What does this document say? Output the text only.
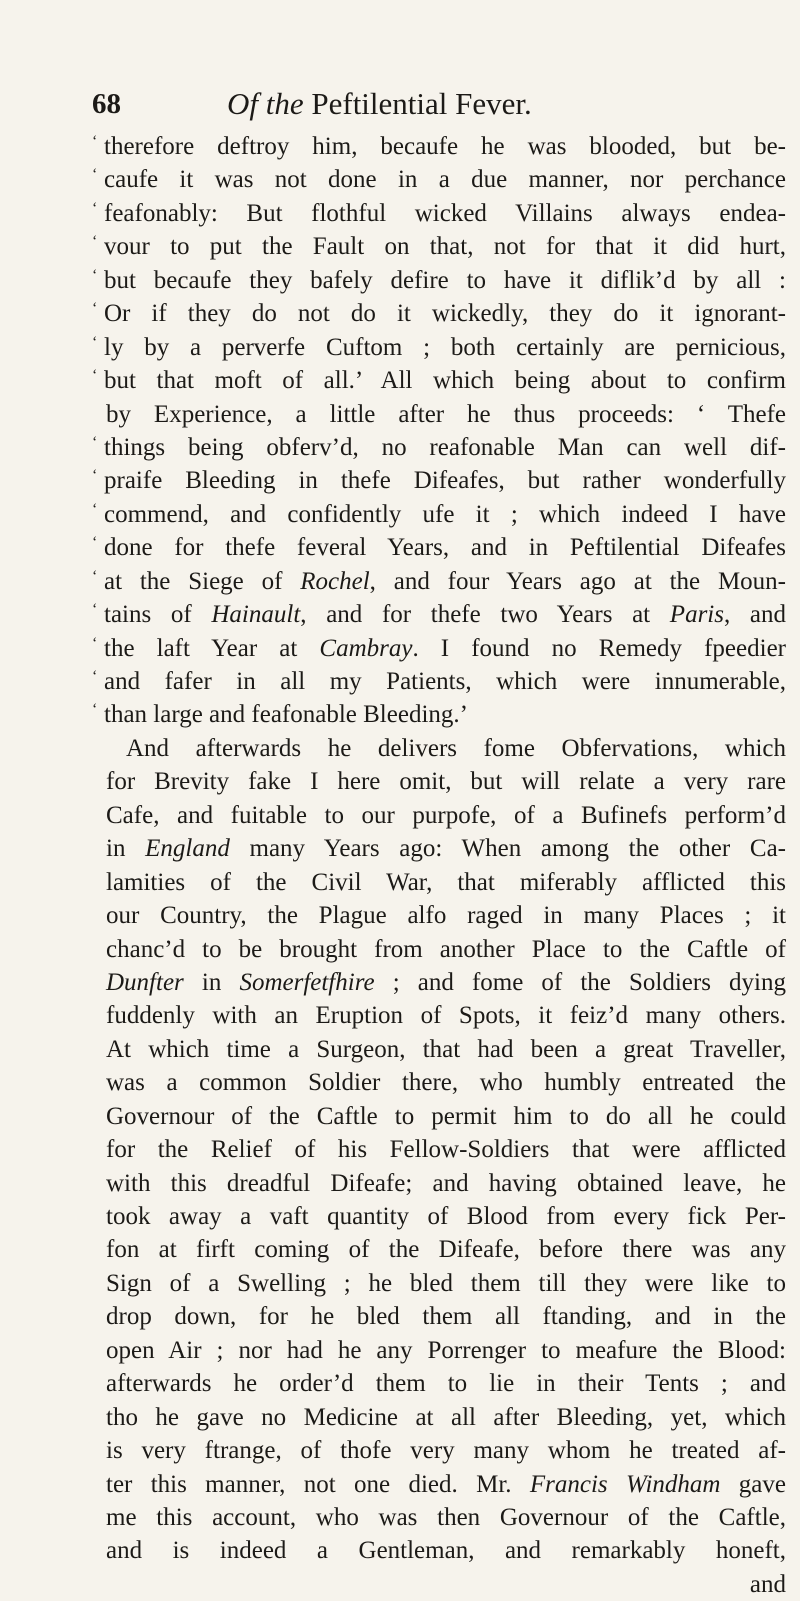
68	Of the Peftilential Fever.
‘ therefore deftroy him, becaufe he was blooded, but be-
‘ caufe it was not done in a due manner, nor perchance
‘ feafonably: But flothful wicked Villains always endea-
‘ vour to put the Fault on that, not for that it did hurt,
‘ but becaufe they bafely defire to have it diflik’d by all :
‘ Or if they do not do it wickedly, they do it ignorant-
‘ ly by a perverfe Cuftom ; both certainly are pernicious,
‘ but that moft of all.’ All which being about to confirm
by Experience, a little after he thus proceeds: ‘ Thefe
‘ things being obferv’d, no reafonable Man can well dif-
‘ praife Bleeding in thefe Difeafes, but rather wonderfully
‘ commend, and confidently ufe it ; which indeed I have
‘ done for thefe feveral Years, and in Peftilential Difeafes
‘ at the Siege of Rochel, and four Years ago at the Moun-
‘ tains of Hainault, and for thefe two Years at Paris, and
‘ the laft Year at Cambray. I found no Remedy fpeedier
‘ and fafer in all my Patients, which were innumerable,
‘ than large and feafonable Bleeding.’
And afterwards he delivers fome Obfervations, which
for Brevity fake I here omit, but will relate a very rare
Cafe, and fuitable to our purpofe, of a Bufinefs perform’d
in England many Years ago: When among the other Ca-
lamities of the Civil War, that miferably afflicted this
our Country, the Plague alfo raged in many Places ; it
chanc’d to be brought from another Place to the Caftle of
Dunfter in Somerfetfhire ; and fome of the Soldiers dying
fuddenly with an Eruption of Spots, it feiz’d many others.
At which time a Surgeon, that had been a great Traveller,
was a common Soldier there, who humbly entreated the
Governour of the Caftle to permit him to do all he could
for the Relief of his Fellow-Soldiers that were afflicted
with this dreadful Difeafe; and having obtained leave, he
took away a vaft quantity of Blood from every fick Per-
fon at firft coming of the Difeafe, before there was any
Sign of a Swelling ; he bled them till they were like to
drop down, for he bled them all ftanding, and in the
open Air ; nor had he any Porrenger to meafure the Blood:
afterwards he order’d them to lie in their Tents ; and
tho he gave no Medicine at all after Bleeding, yet, which
is very ftrange, of thofe very many whom he treated af-
ter this manner, not one died. Mr. Francis Windham gave
me this account, who was then Governour of the Caftle,
and is indeed a Gentleman, and remarkably honeft,
and
